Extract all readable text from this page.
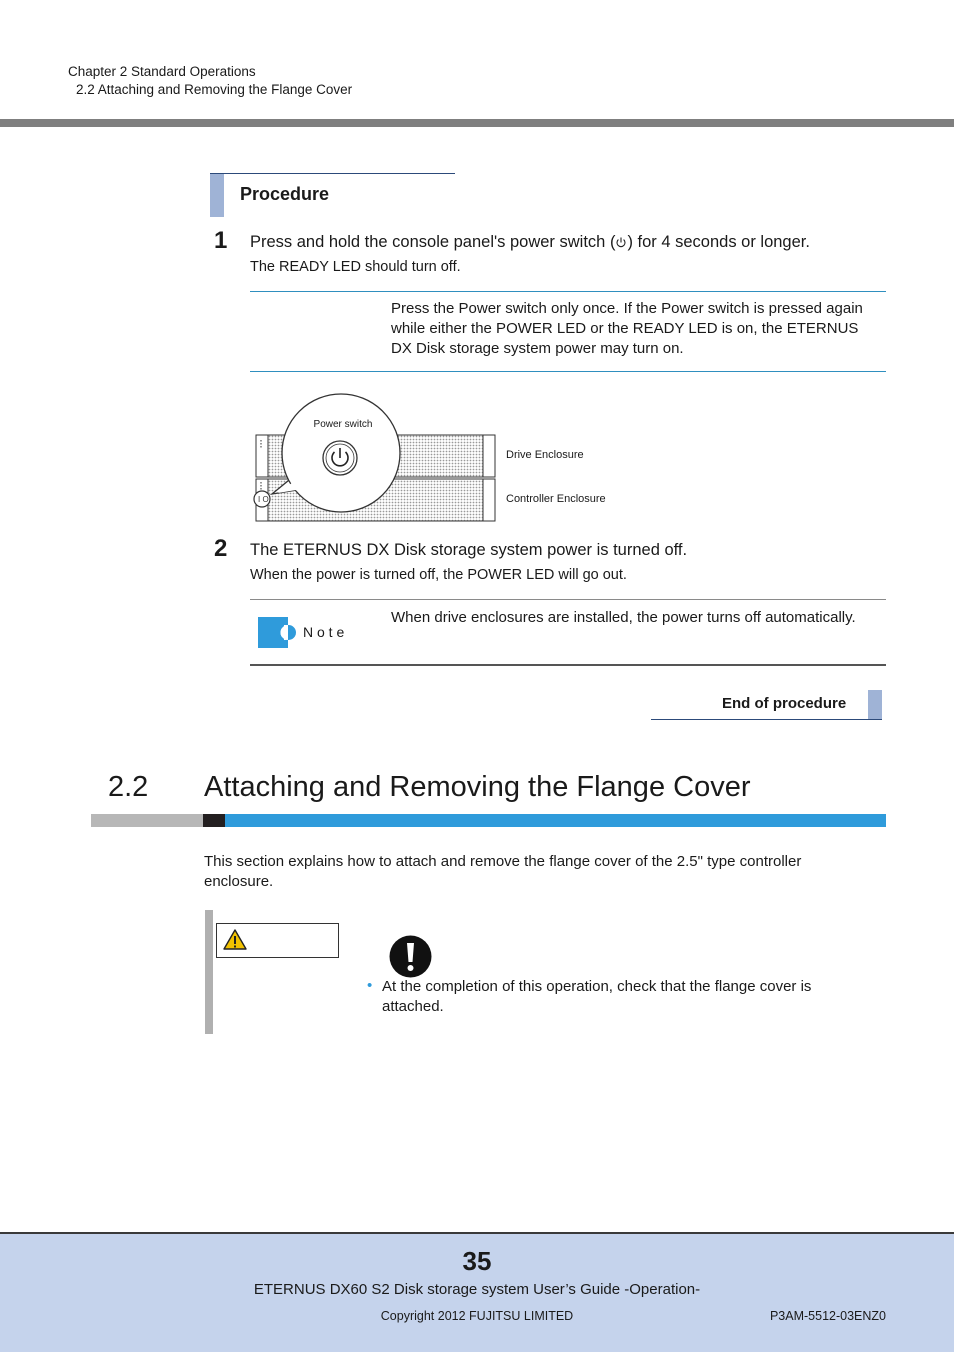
Chapter 2 Standard Operations
2.2 Attaching and Removing the Flange Cover
Procedure
1 Press and hold the console panel's power switch ( ) for 4 seconds or longer.
The READY LED should turn off.
Press the Power switch only once. If the Power switch is pressed again while either the POWER LED or the READY LED is on, the ETERNUS DX Disk storage system power may turn on.
I O
Power switch
Drive Enclosure
Controller Enclosure
2 The ETERNUS DX Disk storage system power is turned off.
When the power is turned off, the POWER LED will go out.
N o t e
When drive enclosures are installed, the power turns off automatically.
End of procedure
2.2 Attaching and Removing the Flange Cover
This section explains how to attach and remove the flange cover of the 2.5" type controller enclosure.
• At the completion of this operation, check that the flange cover is attached.
35
ETERNUS DX60 S2 Disk storage system User’s Guide -Operation-
Copyright 2012 FUJITSU LIMITED	P3AM-5512-03ENZ0
